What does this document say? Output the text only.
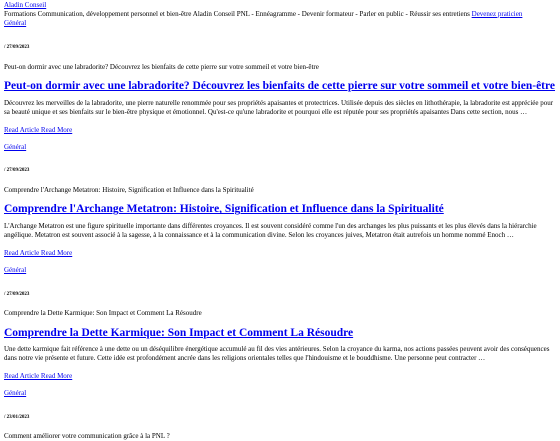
Aladin Conseil
Formations Communication, développement personnel et bien-être Aladin Conseil PNL - Ennéagramme - Devenir formateur - Parler en public - Réussir ses entretiens Devenez praticien
Général
/ 27/09/2023
Peut-on dormir avec une labradorite? Découvrez les bienfaits de cette pierre sur votre sommeil et votre bien-être
Peut-on dormir avec une labradorite? Découvrez les bienfaits de cette pierre sur votre sommeil et votre bien-être
Découvrez les merveilles de la labradorite, une pierre naturelle renommée pour ses propriétés apaisantes et protectrices. Utilisée depuis des siècles en lithothérapie, la labradorite est appréciée pour sa beauté unique et ses bienfaits sur le bien-être physique et émotionnel. Qu'est-ce qu'une labradorite et pourquoi elle est réputée pour ses propriétés apaisantes Dans cette section, nous …
Read Article Read More
Général
/ 27/09/2023
Comprendre l'Archange Metatron: Histoire, Signification et Influence dans la Spiritualité
Comprendre l'Archange Metatron: Histoire, Signification et Influence dans la Spiritualité
L'Archange Metatron est une figure spirituelle importante dans différentes croyances. Il est souvent considéré comme l'un des archanges les plus puissants et les plus élevés dans la hiérarchie angélique. Metatron est souvent associé à la sagesse, à la connaissance et à la communication divine. Selon les croyances juives, Metatron était autrefois un homme nommé Enoch …
Read Article Read More
Général
/ 27/09/2023
Comprendre la Dette Karmique: Son Impact et Comment La Résoudre
Comprendre la Dette Karmique: Son Impact et Comment La Résoudre
Une dette karmique fait référence à une dette ou un déséquilibre énergétique accumulé au fil des vies antérieures. Selon la croyance du karma, nos actions passées peuvent avoir des conséquences dans notre vie présente et future. Cette idée est profondément ancrée dans les religions orientales telles que l'hindouisme et le bouddhisme. Une personne peut contracter …
Read Article Read More
Général
/ 23/01/2023
Comment améliorer votre communication grâce à la PNL ?
